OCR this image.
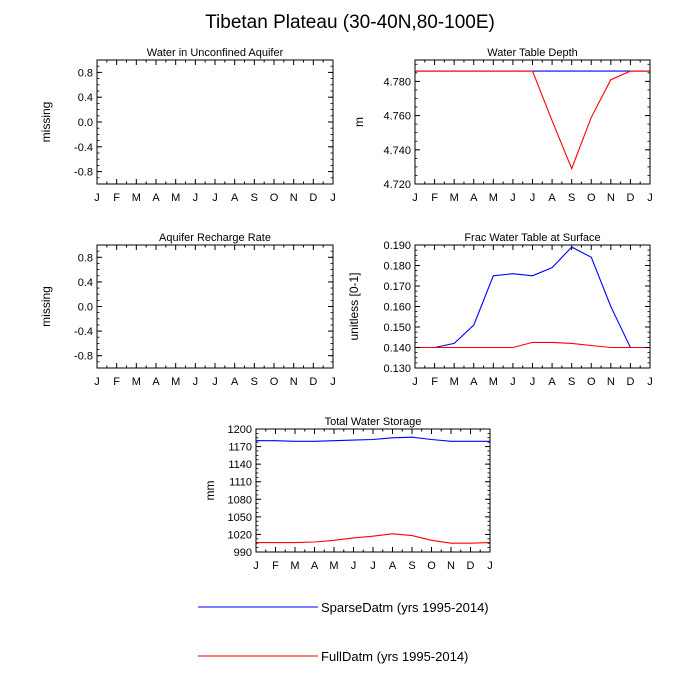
Tibetan Plateau (30-40N,80-100E)
Water in Unconfined Aquifer
J F M A M J J A S O N D J
-0.8
-0.4
0.0
0.4
0.8
missing
Water Table Depth
J F M A M J J A S O N D J
4.720
4.740
4.760
4.780
m
Aquifer Recharge Rate
J F M A M J J A S O N D J
-0.8
-0.4
0.0
0.4
0.8
missing
Frac Water Table at Surface
J F M A M J J A S O N D J
0.130
0.140
0.150
0.160
0.170
0.180
0.190
unitless [0-1]
Total Water Storage
J F M A M J J A S O N D J
990
1020
1050
1080
1110
1140
1170
1200
mm
SparseDatm (yrs 1995-2014)
FullDatm (yrs 1995-2014)
